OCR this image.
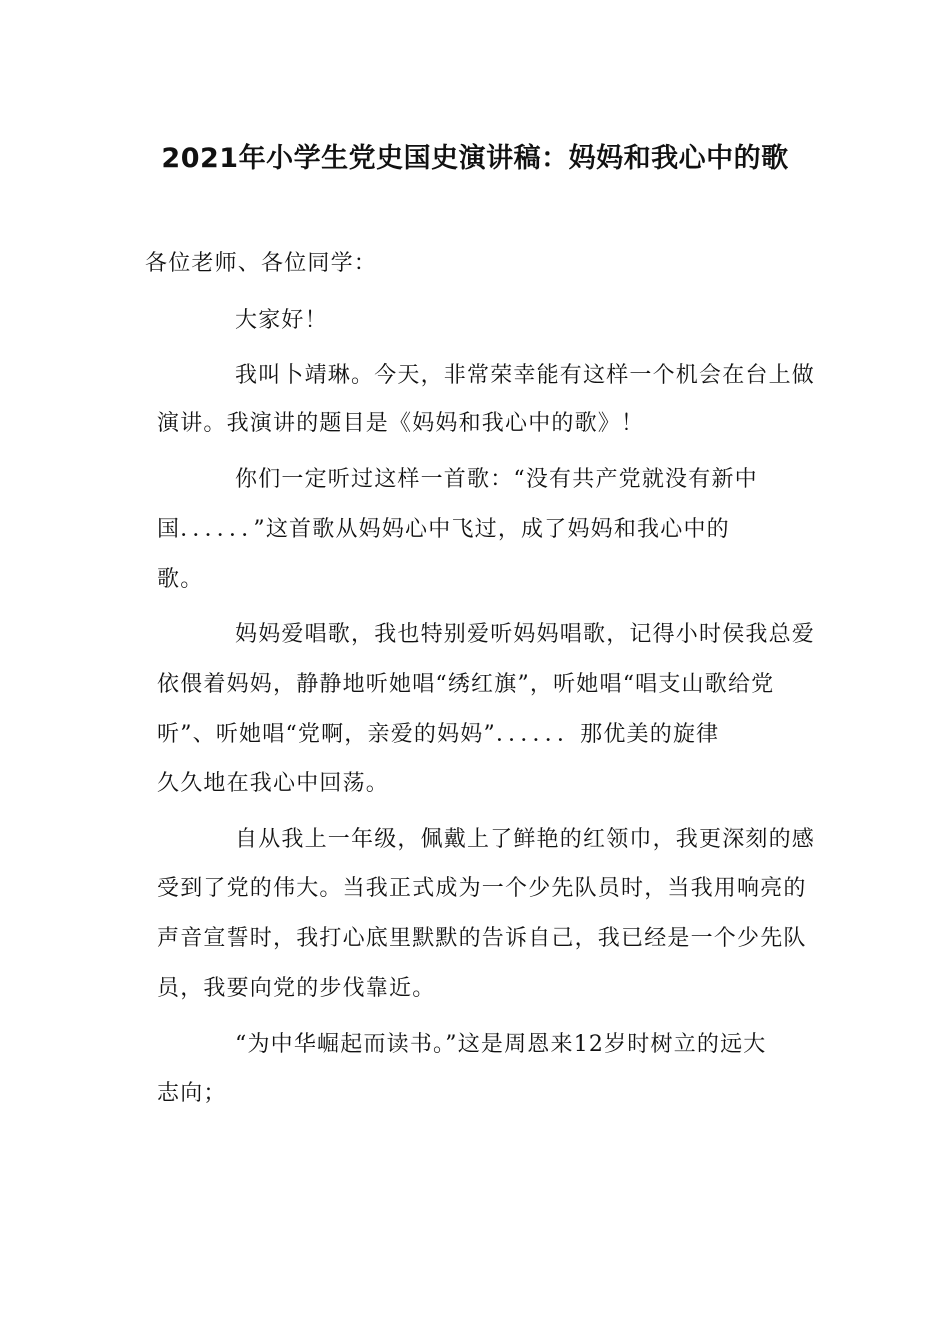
2021年小学生党史国史演讲稿：妈妈和我心中的歌

各位老师、各位同学：

大家好！

我叫卜靖琳。今天，非常荣幸能有这样一个机会在台上做

演讲。我演讲的题目是《妈妈和我心中的歌》！

你们一定听过这样一首歌：“没有共产党就没有新中

国．．．．．．”这首歌从妈妈心中飞过，成了妈妈和我心中的

歌。

妈妈爱唱歌，我也特别爱听妈妈唱歌，记得小时侯我总爱

依偎着妈妈，静静地听她唱“绣红旗”，听她唱“唱支山歌给党

听”、听她唱“党啊，亲爱的妈妈”．．．．．．那优美的旋律

久久地在我心中回荡。

自从我上一年级，佩戴上了鲜艳的红领巾，我更深刻的感

受到了党的伟大。当我正式成为一个少先队员时，当我用响亮的

声音宣誓时，我打心底里默默的告诉自己，我已经是一个少先队

员，我要向党的步伐靠近。

“为中华崛起而读书。”这是周恩来12岁时树立的远大

志向；
